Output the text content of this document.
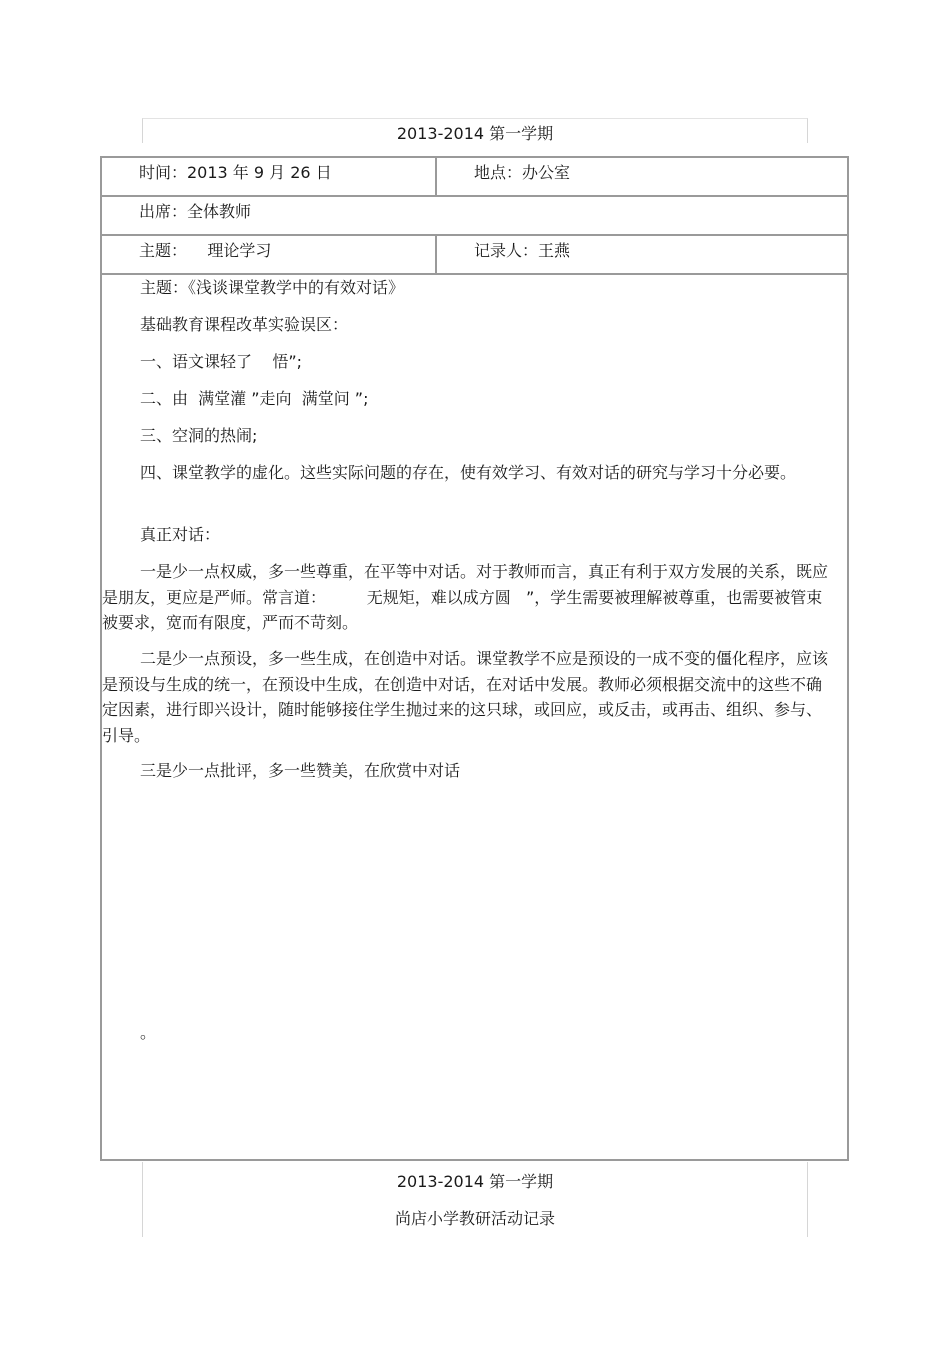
2013-2014 第一学期
时间：2013 年 9 月 26 日	地点：办公室
出席：全体教师
主题：    理论学习	记录人：王燕
主题：《浅谈课堂教学中的有效对话》
基础教育课程改革实验误区：
一、语文课轻了    悟”;
二、由  满堂灌 ”走向  满堂问 ”;
三、空洞的热闹;
四、课堂教学的虚化。这些实际问题的存在，使有效学习、有效对话的研究与学习十分必要。
真正对话：
一是少一点权威，多一些尊重，在平等中对话。对于教师而言，真正有利于双方发展的关系，既应是朋友，更应是严师。常言道：        无规矩，难以成方圆   ”，学生需要被理解被尊重，也需要被管束被要求，宽而有限度，严而不苛刻。
二是少一点预设，多一些生成，在创造中对话。课堂教学不应是预设的一成不变的僵化程序，应该是预设与生成的统一，在预设中生成，在创造中对话，在对话中发展。教师必须根据交流中的这些不确定因素，进行即兴设计，随时能够接住学生抛过来的这只球，或回应，或反击，或再击、组织、参与、引导。
三是少一点批评，多一些赞美，在欣赏中对话
。
2013-2014 第一学期
尚店小学教研活动记录
